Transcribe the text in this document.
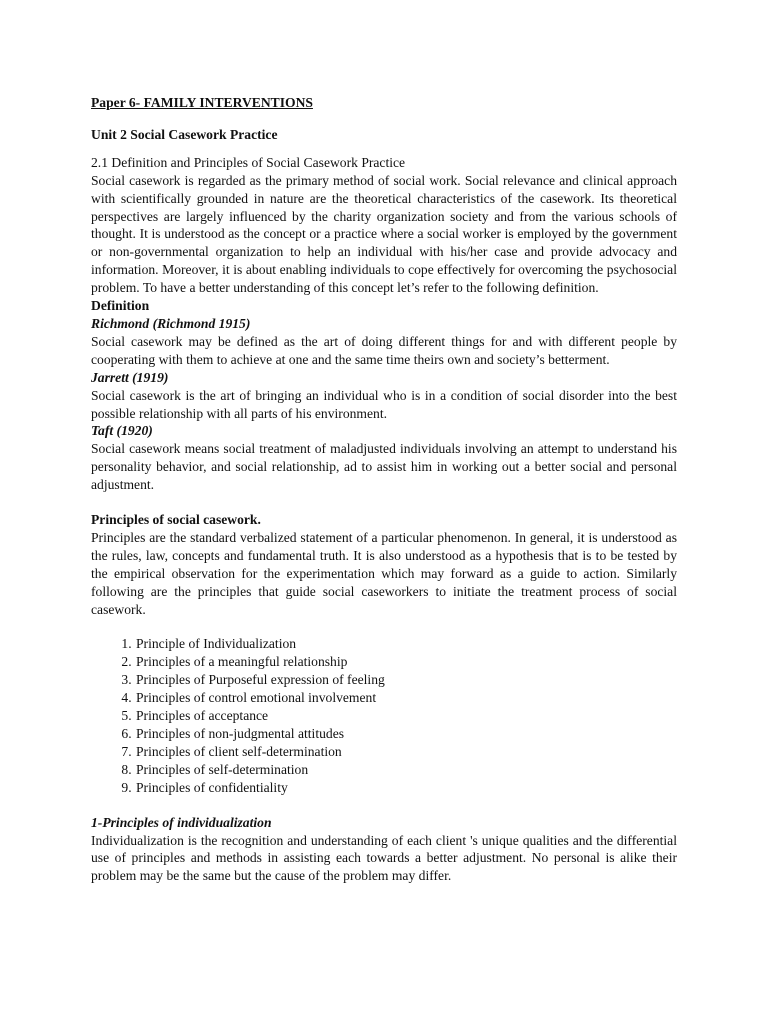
Paper 6- FAMILY INTERVENTIONS

Unit 2 Social Casework Practice

2.1 Definition and Principles of Social Casework Practice

Social casework is regarded as the primary method of social work. Social relevance and clinical approach with scientifically grounded in nature are the theoretical characteristics of the casework. Its theoretical perspectives are largely influenced by the charity organization society and from the various schools of thought. It is understood as the concept or a practice where a social worker is employed by the government or non-governmental organization to help an individual with his/her case and provide advocacy and information. Moreover, it is about enabling individuals to cope effectively for overcoming the psychosocial problem. To have a better understanding of this concept let’s refer to the following definition.

Definition

Richmond (Richmond 1915)

Social casework may be defined as the art of doing different things for and with different people by cooperating with them to achieve at one and the same time theirs own and society’s betterment.

Jarrett (1919)

Social casework is the art of bringing an individual who is in a condition of social disorder into the best possible relationship with all parts of his environment.

Taft (1920)

Social casework means social treatment of maladjusted individuals involving an attempt to understand his personality behavior, and social relationship, ad to assist him in working out a better social and personal adjustment.

Principles of social casework.

Principles are the standard verbalized statement of a particular phenomenon. In general, it is understood as the rules, law, concepts and fundamental truth. It is also understood as a hypothesis that is to be tested by the empirical observation for the experimentation which may forward as a guide to action. Similarly following are the principles that guide social caseworkers to initiate the treatment process of social casework.

1. Principle of Individualization
2. Principles of a meaningful relationship
3. Principles of Purposeful expression of feeling
4. Principles of control emotional involvement
5. Principles of acceptance
6. Principles of non-judgmental attitudes
7. Principles of client self-determination
8. Principles of self-determination
9. Principles of confidentiality

1-Principles of individualization

Individualization is the recognition and understanding of each client 's unique qualities and the differential use of principles and methods in assisting each towards a better adjustment. No personal is alike their problem may be the same but the cause of the problem may differ.
